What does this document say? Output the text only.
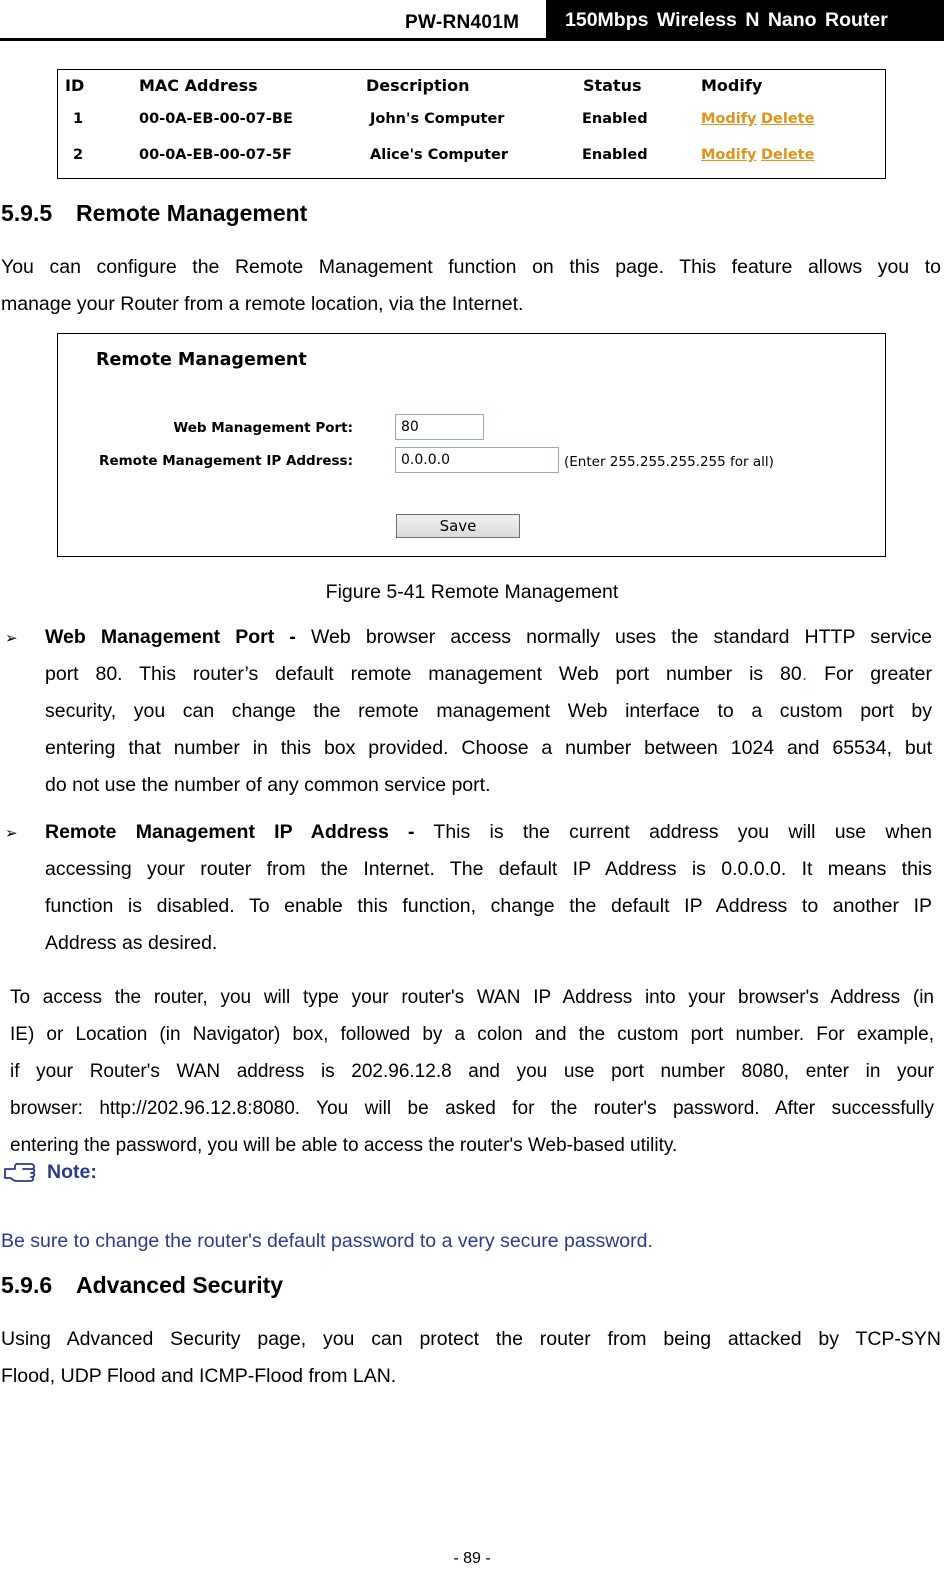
PW-RN401M	150Mbps Wireless N Nano Router
ID	MAC Address	Description	Status	Modify
1	00-0A-EB-00-07-BE	John's Computer	Enabled	Modify Delete
2	00-0A-EB-00-07-5F	Alice's Computer	Enabled	Modify Delete
5.9.5 Remote Management
You can configure the Remote Management function on this page. This feature allows you to
manage your Router from a remote location, via the Internet.
Remote Management
Web Management Port:	80
Remote Management IP Address:	0.0.0.0	(Enter 255.255.255.255 for all)
Save
Figure 5-41 Remote Management
➢ Web Management Port - Web browser access normally uses the standard HTTP service
port 80. This router’s default remote management Web port number is 80. For greater
security, you can change the remote management Web interface to a custom port by
entering that number in this box provided. Choose a number between 1024 and 65534, but
do not use the number of any common service port.
➢ Remote Management IP Address - This is the current address you will use when
accessing your router from the Internet. The default IP Address is 0.0.0.0. It means this
function is disabled. To enable this function, change the default IP Address to another IP
Address as desired.
To access the router, you will type your router's WAN IP Address into your browser's Address (in
IE) or Location (in Navigator) box, followed by a colon and the custom port number. For example,
if your Router's WAN address is 202.96.12.8 and you use port number 8080, enter in your
browser: http://202.96.12.8:8080. You will be asked for the router's password. After successfully
entering the password, you will be able to access the router's Web-based utility.
Note:
Be sure to change the router's default password to a very secure password.
5.9.6 Advanced Security
Using Advanced Security page, you can protect the router from being attacked by TCP-SYN
Flood, UDP Flood and ICMP-Flood from LAN.
- 89 -
